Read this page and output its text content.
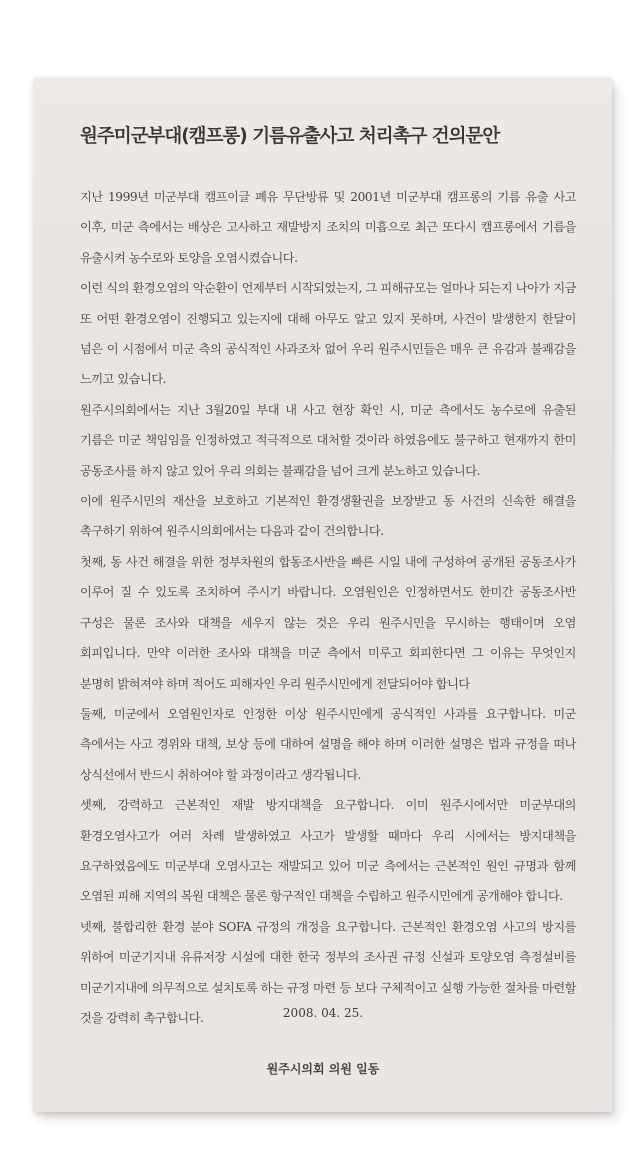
원주미군부대(캠프롱) 기름유출사고 처리촉구 건의문안

지난 1999년 미군부대 캠프이글 폐유 무단방류 및 2001년 미군부대 캠프롱의 기름 유출 사고 이후, 미군 측에서는 배상은 고사하고 재발방지 조치의 미흡으로 최근 또다시 캠프롱에서 기름을 유출시켜 농수로와 토양을 오염시켰습니다.

이런 식의 환경오염의 악순환이 언제부터 시작되었는지, 그 피해규모는 얼마나 되는지 나아가 지금 또 어떤 환경오염이 진행되고 있는지에 대해 아무도 알고 있지 못하며, 사건이 발생한지 한달이 넘은 이 시점에서 미군 측의 공식적인 사과조차 없어 우리 원주시민들은 매우 큰 유감과 불쾌감을 느끼고 있습니다.

원주시의회에서는 지난 3월20일 부대 내 사고 현장 확인 시, 미군 측에서도 농수로에 유출된 기름은 미군 책임임을 인정하였고 적극적으로 대처할 것이라 하였음에도 불구하고 현재까지 한미 공동조사를 하지 않고 있어 우리 의회는 불쾌감을 넘어 크게 분노하고 있습니다.

이에 원주시민의 재산을 보호하고 기본적인 환경생활권을 보장받고 동 사건의 신속한 해결을 촉구하기 위하여 원주시의회에서는 다음과 같이 건의합니다.

첫째, 동 사건 해결을 위한 정부차원의 합동조사반을 빠른 시일 내에 구성하여 공개된 공동조사가 이루어 질 수 있도록 조치하여 주시기 바랍니다. 오염원인은 인정하면서도 한미간 공동조사반 구성은 물론 조사와 대책을 세우지 않는 것은 우리 원주시민을 무시하는 행태이며 오염 회피입니다. 만약 이러한 조사와 대책을 미군 측에서 미루고 회피한다면 그 이유는 무엇인지 분명히 밝혀져야 하며 적어도 피해자인 우리 원주시민에게 전달되어야 합니다

둘째, 미군에서 오염원인자로 인정한 이상 원주시민에게 공식적인 사과를 요구합니다. 미군 측에서는 사고 경위와 대책, 보상 등에 대하여 설명을 해야 하며 이러한 설명은 법과 규정을 떠나 상식선에서 반드시 취하여야 할 과정이라고 생각됩니다.

셋째, 강력하고 근본적인 재발 방지대책을 요구합니다. 이미 원주시에서만 미군부대의 환경오염사고가 여러 차례 발생하였고 사고가 발생할 때마다 우리 시에서는 방지대책을 요구하였음에도 미군부대 오염사고는 재발되고 있어 미군 측에서는 근본적인 원인 규명과 함께 오염된 피해 지역의 복원 대책은 물론 항구적인 대책을 수립하고 원주시민에게 공개해야 합니다.

넷째, 불합리한 환경 분야 SOFA 규정의 개정을 요구합니다. 근본적인 환경오염 사고의 방지를 위하여 미군기지내 유류저장 시설에 대한 한국 정부의 조사권 규정 신설과 토양오염 측정설비를 미군기지내에 의무적으로 설치토록 하는 규정 마련 등 보다 구체적이고 실행 가능한 절차를 마련할 것을 강력히 촉구합니다.	2008. 04. 25.
원주시의회 의원 일동
